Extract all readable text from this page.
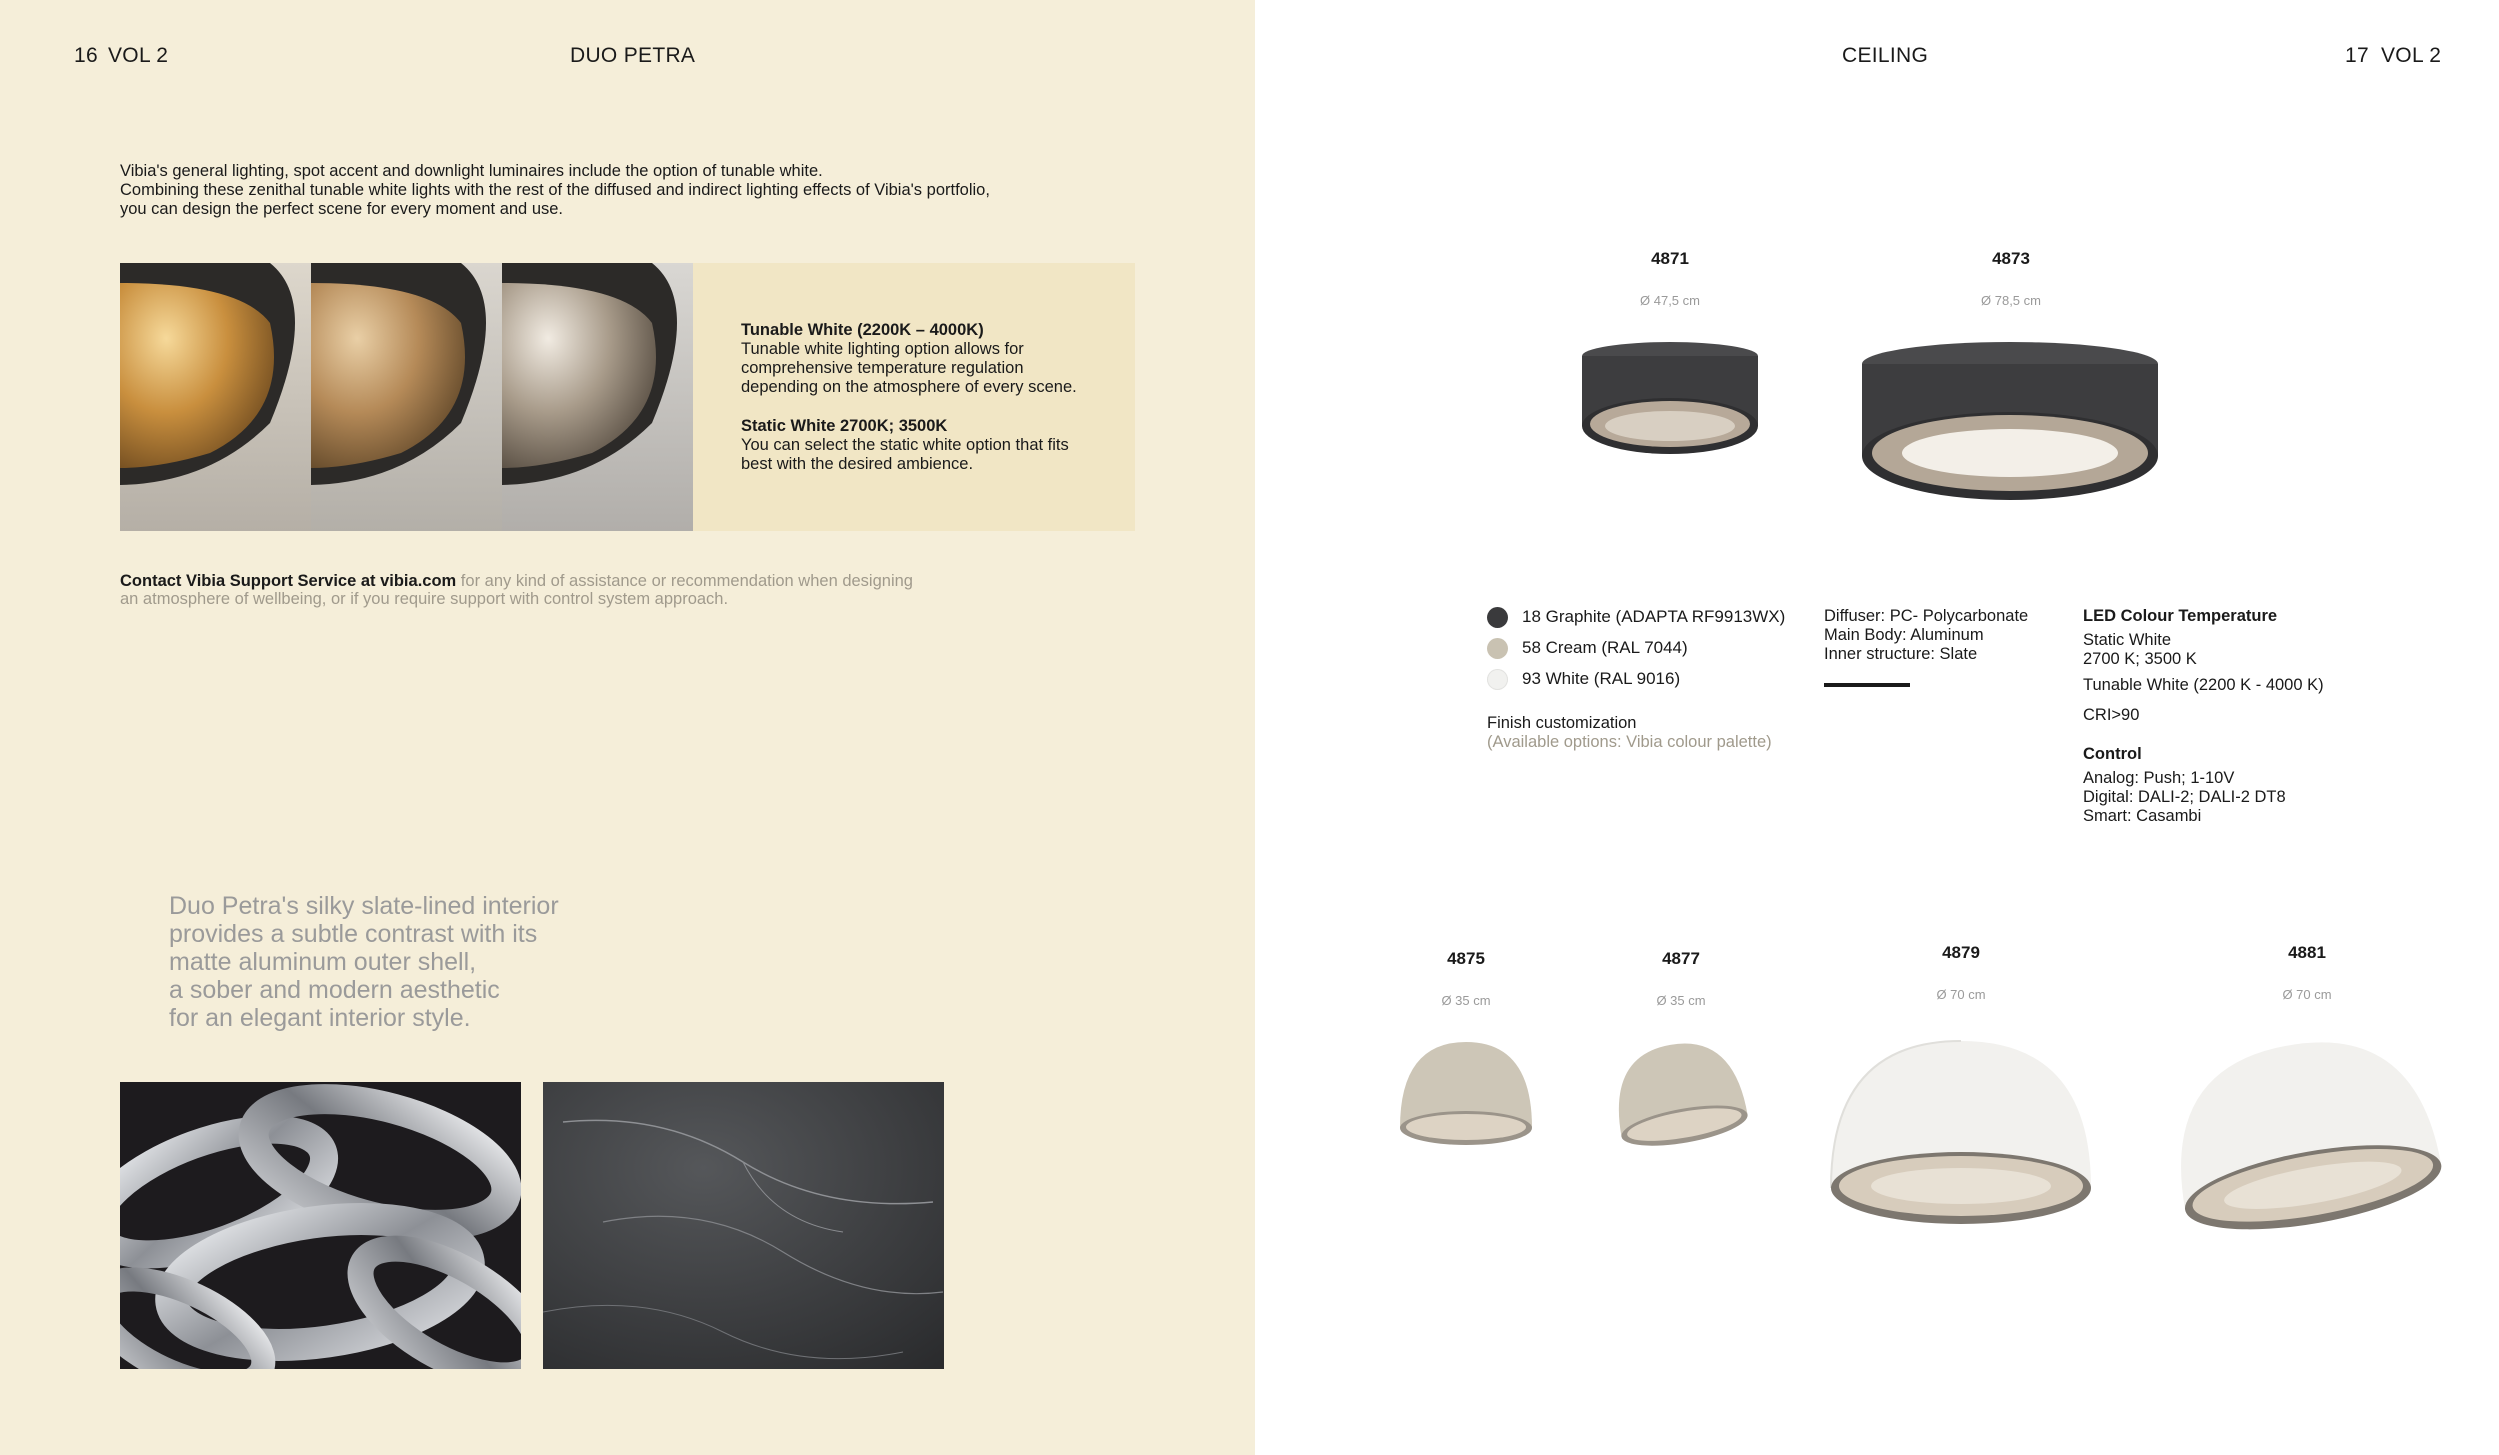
16 VOL 2	DUO PETRA
Vibia's general lighting, spot accent and downlight luminaires include the option of tunable white.
Combining these zenithal tunable white lights with the rest of the diffused and indirect lighting effects of Vibia's portfolio,
you can design the perfect scene for every moment and use.
Tunable White (2200K – 4000K)
Tunable white lighting option allows for
comprehensive temperature regulation
depending on the atmosphere of every scene.
Static White 2700K; 3500K
You can select the static white option that fits
best with the desired ambience.
Contact Vibia Support Service at vibia.com for any kind of assistance or recommendation when designing
an atmosphere of wellbeing, or if you require support with control system approach.
Duo Petra's silky slate-lined interior
provides a subtle contrast with its
matte aluminum outer shell,
a sober and modern aesthetic
for an elegant interior style.
CEILING	17 VOL 2
4871
Ø 47,5 cm
4873
Ø 78,5 cm
18 Graphite (ADAPTA RF9913WX)
58 Cream (RAL 7044)
93 White (RAL 9016)
Finish customization
(Available options: Vibia colour palette)
Diffuser: PC- Polycarbonate
Main Body: Aluminum
Inner structure: Slate
LED Colour Temperature
Static White
2700 K; 3500 K
Tunable White (2200 K - 4000 K)
CRI>90
Control
Analog: Push; 1-10V
Digital: DALI-2; DALI-2 DT8
Smart: Casambi
4875
Ø 35 cm
4877
Ø 35 cm
4879
Ø 70 cm
4881
Ø 70 cm
